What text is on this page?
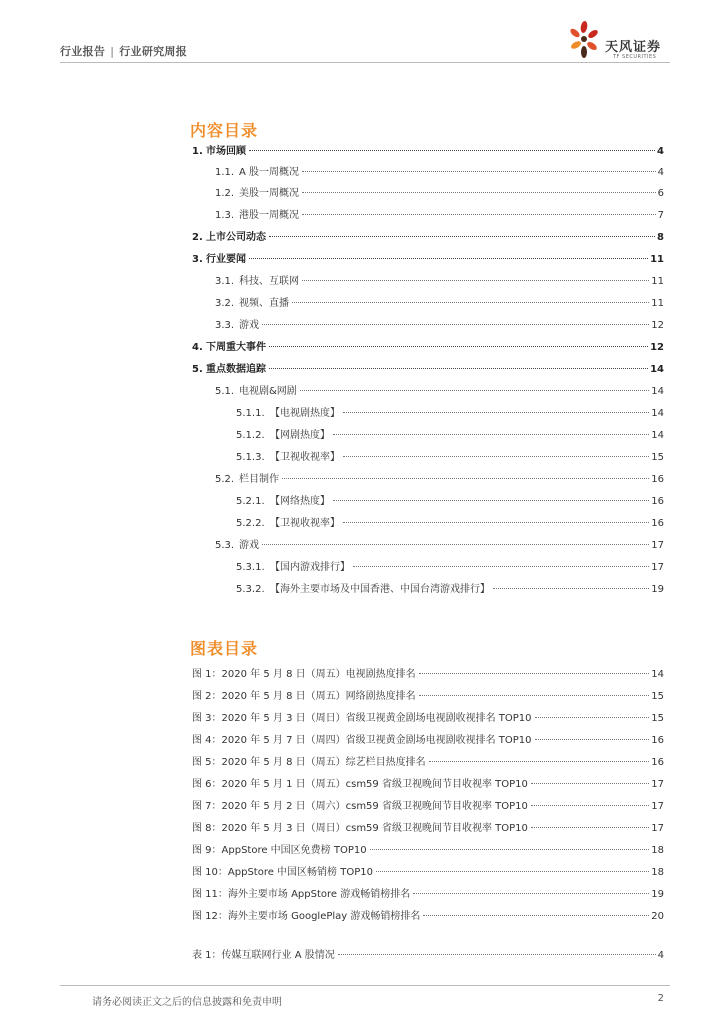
行业报告 | 行业研究周报	天风证券
TF SECURITIES
内容目录
1. 市场回顾	4
1.1. A 股一周概况	4
1.2. 美股一周概况	6
1.3. 港股一周概况	7
2. 上市公司动态	8
3. 行业要闻	11
3.1. 科技、互联网	11
3.2. 视频、直播	11
3.3. 游戏	12
4. 下周重大事件	12
5. 重点数据追踪	14
5.1. 电视剧&网剧	14
5.1.1. 【电视剧热度】	14
5.1.2. 【网剧热度】	14
5.1.3. 【卫视收视率】	15
5.2. 栏目制作	16
5.2.1. 【网络热度】	16
5.2.2. 【卫视收视率】	16
5.3. 游戏	17
5.3.1. 【国内游戏排行】	17
5.3.2. 【海外主要市场及中国香港、中国台湾游戏排行】	19
图表目录
图 1：2020 年 5 月 8 日（周五）电视剧热度排名	14
图 2：2020 年 5 月 8 日（周五）网络剧热度排名	15
图 3：2020 年 5 月 3 日（周日）省级卫视黄金剧场电视剧收视排名 TOP10	15
图 4：2020 年 5 月 7 日（周四）省级卫视黄金剧场电视剧收视排名 TOP10	16
图 5：2020 年 5 月 8 日（周五）综艺栏目热度排名	16
图 6：2020 年 5 月 1 日（周五）csm59 省级卫视晚间节目收视率 TOP10	17
图 7：2020 年 5 月 2 日（周六）csm59 省级卫视晚间节目收视率 TOP10	17
图 8：2020 年 5 月 3 日（周日）csm59 省级卫视晚间节目收视率 TOP10	17
图 9：AppStore 中国区免费榜 TOP10	18
图 10：AppStore 中国区畅销榜 TOP10	18
图 11：海外主要市场 AppStore 游戏畅销榜排名	19
图 12：海外主要市场 GooglePlay 游戏畅销榜排名	20
表 1：传媒互联网行业 A 股情况	4
请务必阅读正文之后的信息披露和免责申明	2
